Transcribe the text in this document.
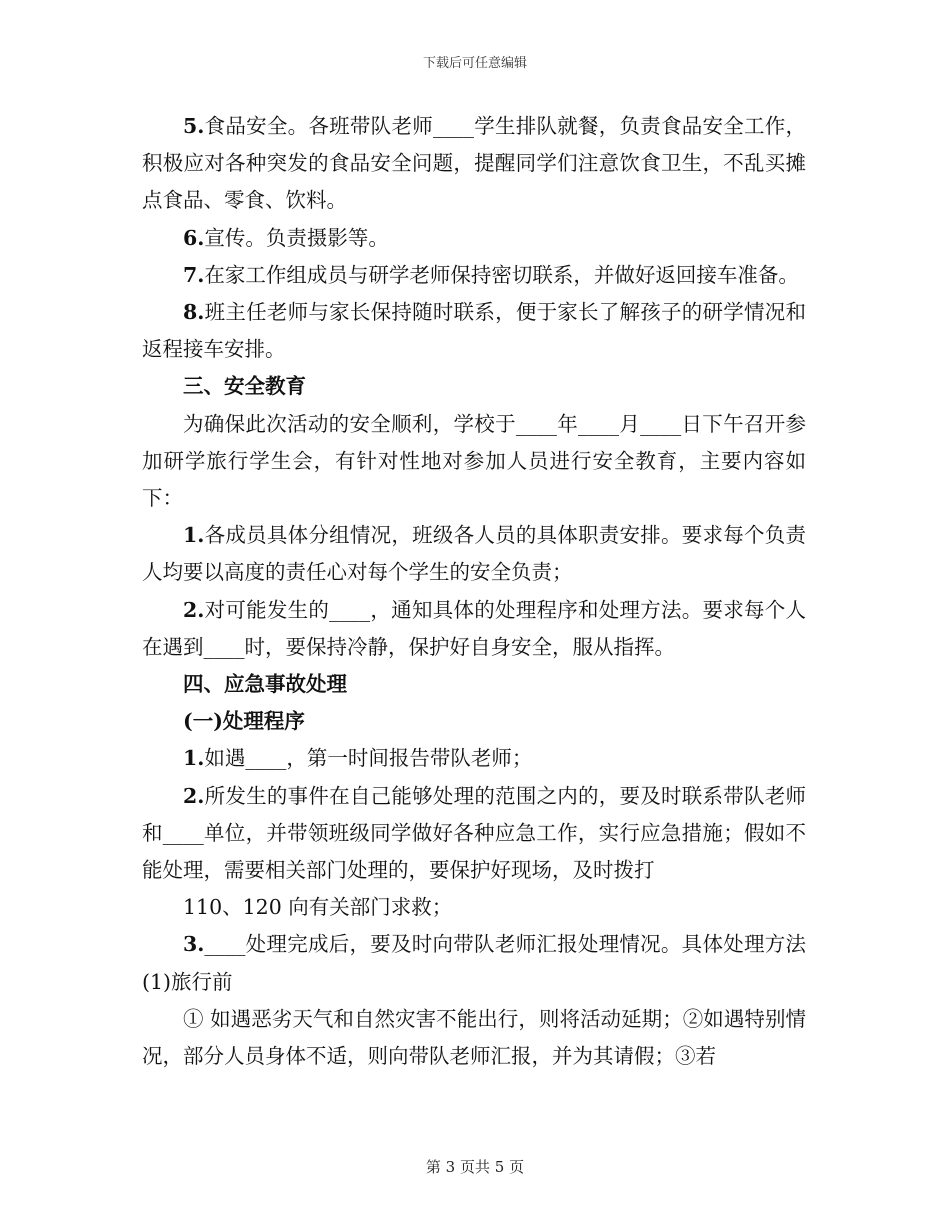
下载后可任意编辑

5.食品安全。各班带队老师____学生排队就餐，负责食品安全工作，积极应对各种突发的食品安全问题，提醒同学们注意饮食卫生，不乱买摊点食品、零食、饮料。

6.宣传。负责摄影等。

7.在家工作组成员与研学老师保持密切联系，并做好返回接车准备。

8.班主任老师与家长保持随时联系，便于家长了解孩子的研学情况和返程接车安排。

三、安全教育

为确保此次活动的安全顺利，学校于____年____月____日下午召开参加研学旅行学生会，有针对性地对参加人员进行安全教育，主要内容如下：

1.各成员具体分组情况，班级各人员的具体职责安排。要求每个负责人均要以高度的责任心对每个学生的安全负责；

2.对可能发生的____，通知具体的处理程序和处理方法。要求每个人在遇到____时，要保持冷静，保护好自身安全，服从指挥。

四、应急事故处理

(一)处理程序

1.如遇____，第一时间报告带队老师；

2.所发生的事件在自己能够处理的范围之内的，要及时联系带队老师和____单位，并带领班级同学做好各种应急工作，实行应急措施；假如不能处理，需要相关部门处理的，要保护好现场，及时拨打

110、120 向有关部门求救；

3.____处理完成后，要及时向带队老师汇报处理情况。具体处理方法(1)旅行前

① 如遇恶劣天气和自然灾害不能出行，则将活动延期；②如遇特别情况，部分人员身体不适，则向带队老师汇报，并为其请假；③若

第 3 页共 5 页
